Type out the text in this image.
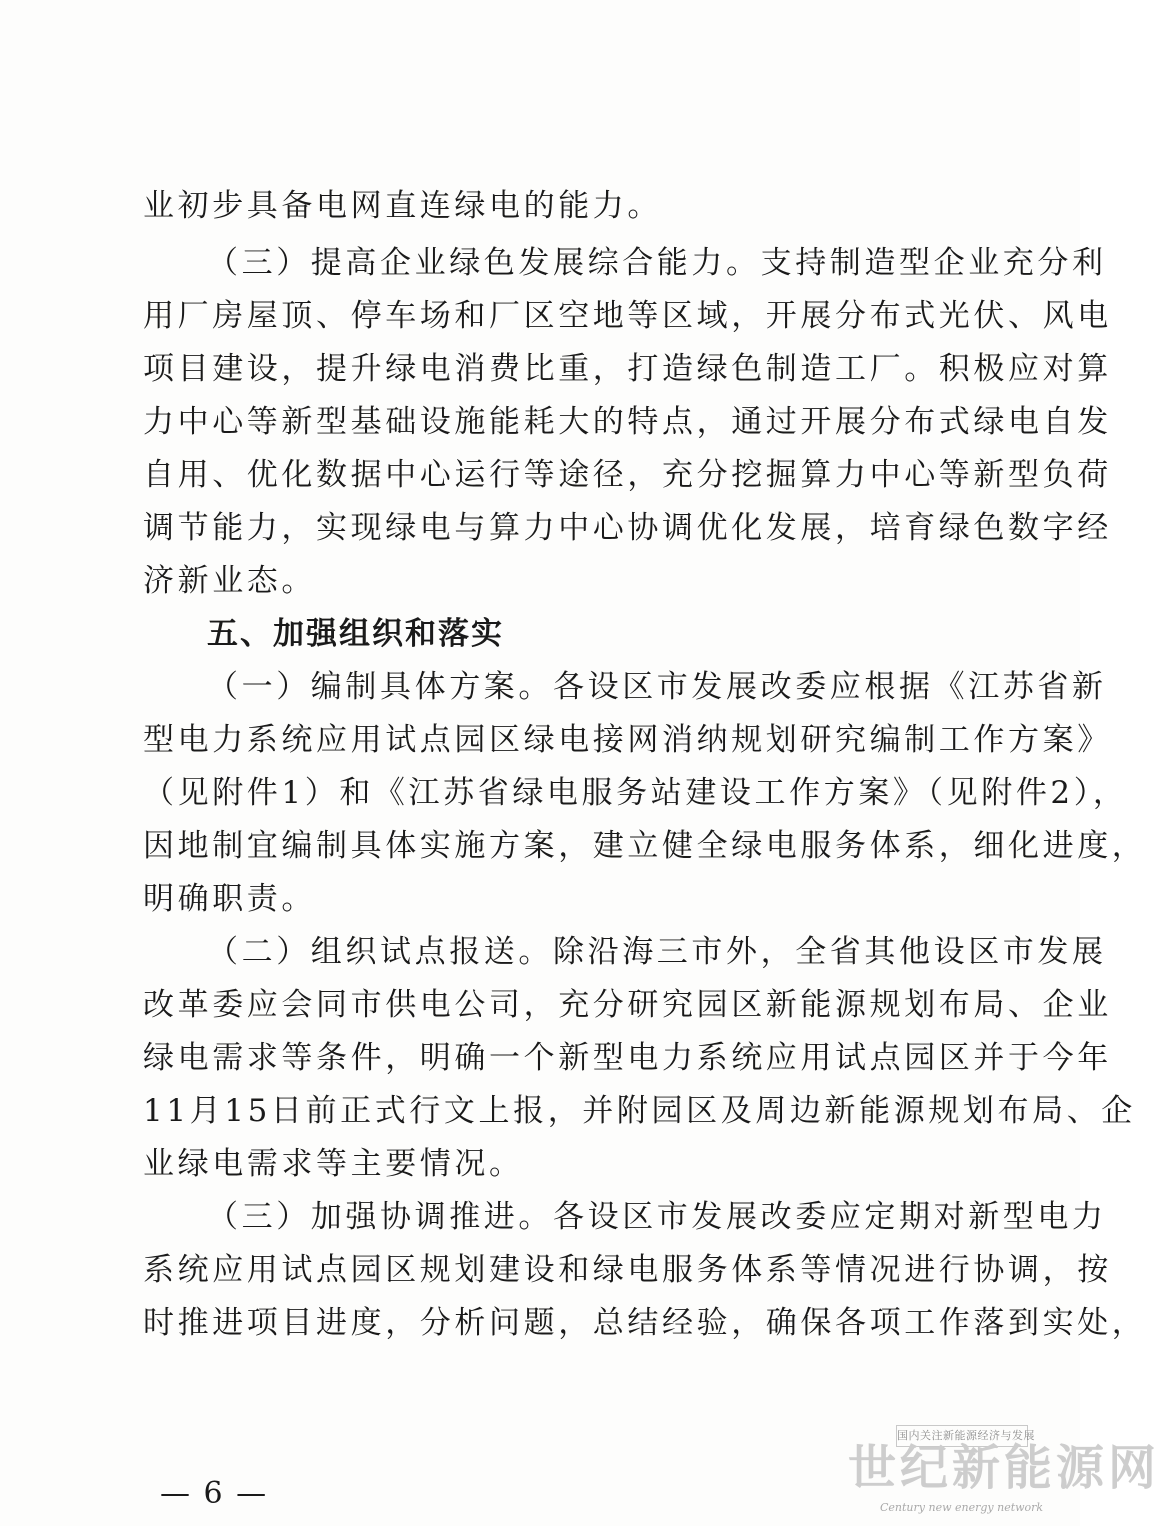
业初步具备电网直连绿电的能力。
（三）提高企业绿色发展综合能力。支持制造型企业充分利
用厂房屋顶、停车场和厂区空地等区域，开展分布式光伏、风电
项目建设，提升绿电消费比重，打造绿色制造工厂。积极应对算
力中心等新型基础设施能耗大的特点，通过开展分布式绿电自发
自用、优化数据中心运行等途径，充分挖掘算力中心等新型负荷
调节能力，实现绿电与算力中心协调优化发展，培育绿色数字经
济新业态。
五、加强组织和落实
（一）编制具体方案。各设区市发展改委应根据《江苏省新
型电力系统应用试点园区绿电接网消纳规划研究编制工作方案》
（见附件1）和《江苏省绿电服务站建设工作方案》（见附件2），
因地制宜编制具体实施方案，建立健全绿电服务体系，细化进度，
明确职责。
（二）组织试点报送。除沿海三市外，全省其他设区市发展
改革委应会同市供电公司，充分研究园区新能源规划布局、企业
绿电需求等条件，明确一个新型电力系统应用试点园区并于今年
11月15日前正式行文上报，并附园区及周边新能源规划布局、企
业绿电需求等主要情况。
（三）加强协调推进。各设区市发展改委应定期对新型电力
系统应用试点园区规划建设和绿电服务体系等情况进行协调，按
时推进项目进度，分析问题，总结经验，确保各项工作落到实处，
— 6 —
国内关注新能源经济与发展
世纪新能源网
Century new energy network
